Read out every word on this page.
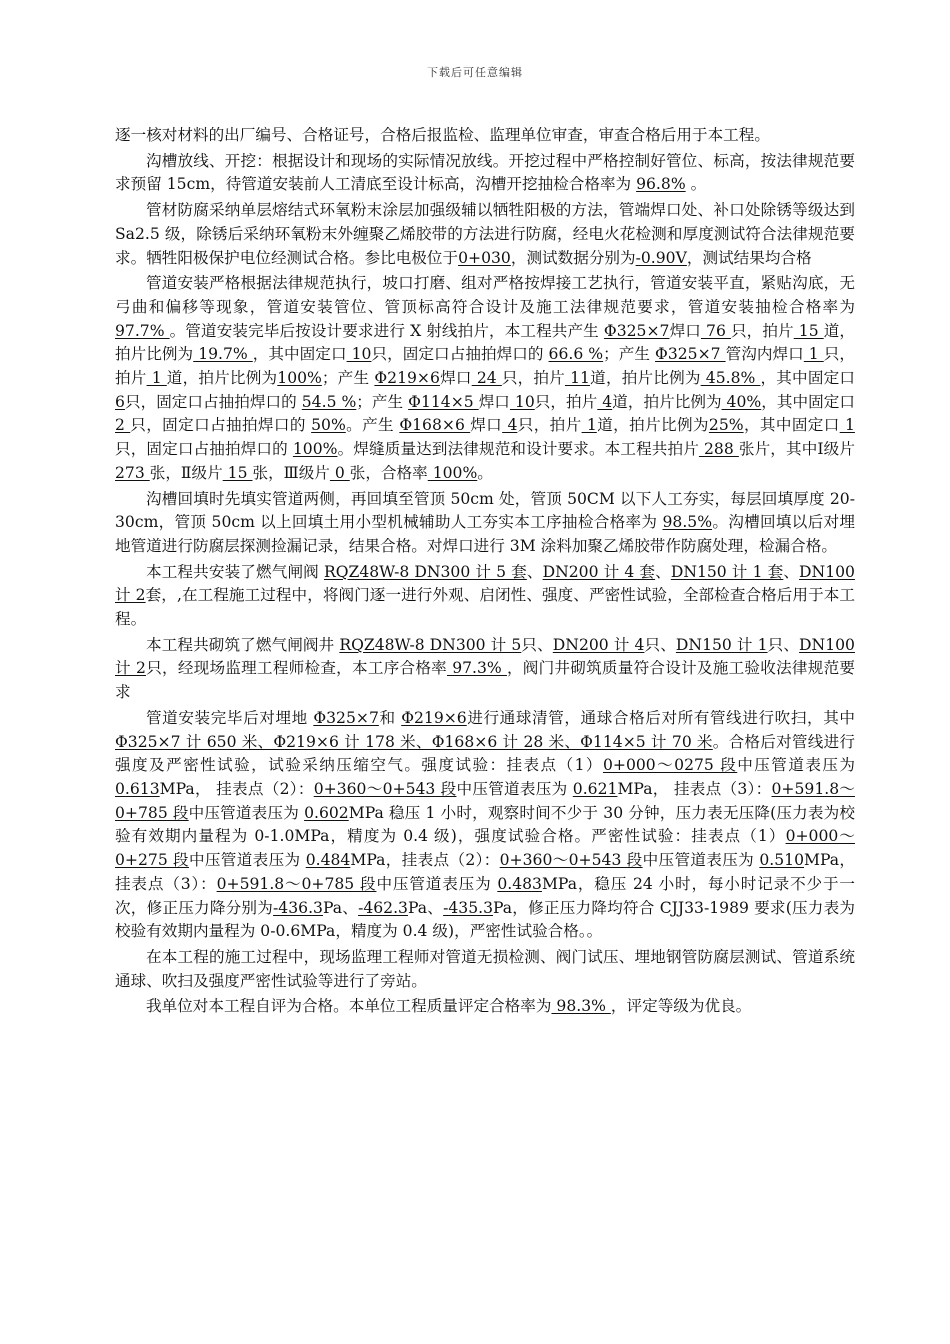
下载后可任意编辑

逐一核对材料的出厂编号、合格证号，合格后报监检、监理单位审查，审查合格后用于本工程。

沟槽放线、开挖：根据设计和现场的实际情况放线。开挖过程中严格控制好管位、标高，按法律规范要求预留 15cm，待管道安装前人工清底至设计标高，沟槽开挖抽检合格率为 96.8% 。

管材防腐采纳单层熔结式环氧粉末涂层加强级辅以牺牲阳极的方法，管端焊口处、补口处除锈等级达到 Sa2.5 级，除锈后采纳环氧粉末外缠聚乙烯胶带的方法进行防腐，经电火花检测和厚度测试符合法律规范要求。牺牲阳极保护电位经测试合格。参比电极位于0+030，测试数据分别为-0.90V，测试结果均合格

管道安装严格根据法律规范执行，坡口打磨、组对严格按焊接工艺执行，管道安装平直，紧贴沟底，无弓曲和偏移等现象，管道安装管位、管顶标高符合设计及施工法律规范要求，管道安装抽检合格率为 97.7% 。管道安装完毕后按设计要求进行 X 射线拍片，本工程共产生 Φ325×7焊口 76 只，拍片 15 道，拍片比例为 19.7% ，其中固定口 10只，固定口占抽拍焊口的 66.6 %；产生 Φ325×7 管沟内焊口 1 只，拍片 1 道，拍片比例为100%；产生 Φ219×6焊口 24 只，拍片 11道，拍片比例为 45.8% ，其中固定口6只，固定口占抽拍焊口的 54.5 %；产生 Φ114×5 焊口 10只，拍片 4道，拍片比例为 40%，其中固定口 2 只，固定口占抽拍焊口的 50%。产生 Φ168×6 焊口 4只，拍片 1道，拍片比例为25%，其中固定口 1 只，固定口占抽拍焊口的 100%。焊缝质量达到法律规范和设计要求。本工程共拍片 288 张片，其中Ⅰ级片 273 张，Ⅱ级片 15 张，Ⅲ级片 0 张，合格率 100%。

沟槽回填时先填实管道两侧，再回填至管顶 50cm 处，管顶 50CM 以下人工夯实，每层回填厚度 20-30cm，管顶 50cm 以上回填土用小型机械辅助人工夯实本工序抽检合格率为 98.5%。沟槽回填以后对埋地管道进行防腐层探测捡漏记录，结果合格。对焊口进行 3M 涂料加聚乙烯胶带作防腐处理，检漏合格。

本工程共安装了燃气闸阀 RQZ48W-8 DN300 计 5 套、DN200 计 4 套、DN150 计 1 套、DN100 计 2套，,在工程施工过程中，将阀门逐一进行外观、启闭性、强度、严密性试验，全部检查合格后用于本工程。

本工程共砌筑了燃气闸阀井 RQZ48W-8 DN300 计 5只、DN200 计 4只、DN150 计 1只、DN100 计 2只，经现场监理工程师检查，本工序合格率 97.3% ，阀门井砌筑质量符合设计及施工验收法律规范要求

管道安装完毕后对埋地 Φ325×7和 Φ219×6进行通球清管，通球合格后对所有管线进行吹扫，其中 Φ325×7 计 650 米、Φ219×6 计 178 米、Φ168×6 计 28 米、Φ114×5 计 70 米。合格后对管线进行强度及严密性试验，试验采纳压缩空气。强度试验：挂表点（1）0+000～0275 段中压管道表压为 0.613MPa， 挂表点（2）：0+360～0+543 段中压管道表压为 0.621MPa， 挂表点（3）：0+591.8～0+785 段中压管道表压为 0.602MPa 稳压 1 小时，观察时间不少于 30 分钟，压力表无压降(压力表为校验有效期内量程为 0-1.0MPa，精度为 0.4 级)，强度试验合格。严密性试验：挂表点（1）0+000～0+275 段中压管道表压为 0.484MPa，挂表点（2）：0+360～0+543 段中压管道表压为 0.510MPa，挂表点（3）：0+591.8～0+785 段中压管道表压为 0.483MPa，稳压 24 小时，每小时记录不少于一次，修正压力降分别为-436.3Pa、-462.3Pa、-435.3Pa，修正压力降均符合 CJJ33-1989 要求(压力表为校验有效期内量程为 0-0.6MPa，精度为 0.4 级)，严密性试验合格。。

在本工程的施工过程中，现场监理工程师对管道无损检测、阀门试压、埋地钢管防腐层测试、管道系统通球、吹扫及强度严密性试验等进行了旁站。

我单位对本工程自评为合格。本单位工程质量评定合格率为 98.3% ，评定等级为优良。
